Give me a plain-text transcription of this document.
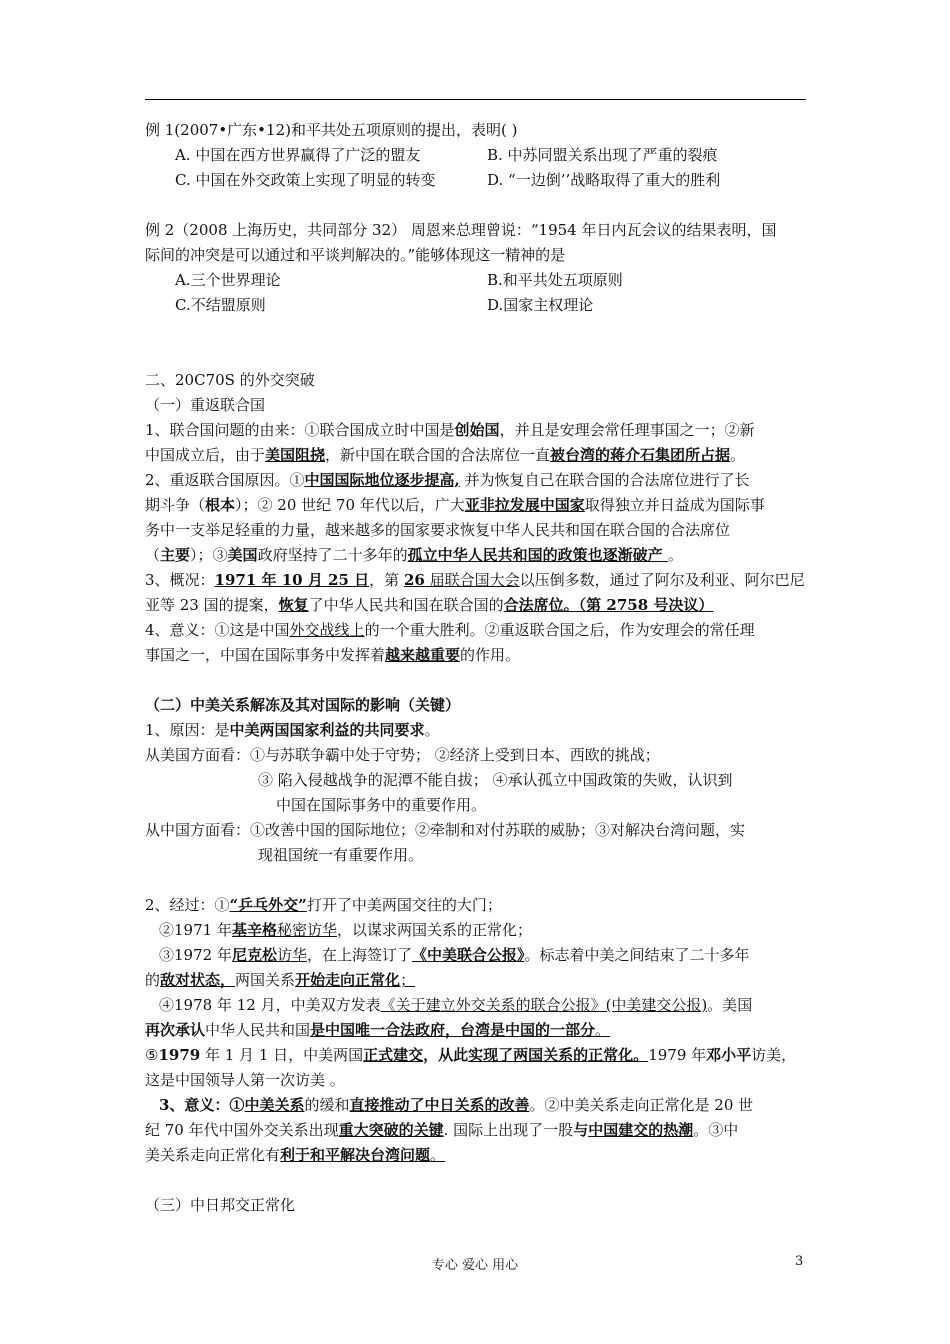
例 1(2007•广东•12)和平共处五项原则的提出，表明( )
A. 中国在西方世界赢得了广泛的盟友	B. 中苏同盟关系出现了严重的裂痕
C. 中国在外交政策上实现了明显的转变	D. “一边倒’’战略取得了重大的胜利
例 2（2008 上海历史，共同部分 32） 周恩来总理曾说：“1954 年日内瓦会议的结果表明，国
际间的冲突是可以通过和平谈判解决的。”能够体现这一精神的是
A.三个世界理论	B.和平共处五项原则
C.不结盟原则	D.国家主权理论
二、20C70S 的外交突破
（一）重返联合国
1、联合国问题的由来：①联合国成立时中国是创始国，并且是安理会常任理事国之一；②新
中国成立后，由于美国阻挠，新中国在联合国的合法席位一直被台湾的蒋介石集团所占据。
2、重返联合国原因。①中国国际地位逐步提高, 并为恢复自己在联合国的合法席位进行了长
期斗争（根本）；② 20 世纪 70 年代以后，广大亚非拉发展中国家取得独立并日益成为国际事
务中一支举足轻重的力量，越来越多的国家要求恢复中华人民共和国在联合国的合法席位
（主要）；③美国政府坚持了二十多年的孤立中华人民共和国的政策也逐渐破产 。
3、概况：1971 年 10 月 25 日，第 26 届联合国大会以压倒多数，通过了阿尔及利亚、阿尔巴尼
亚等 23 国的提案，恢复了中华人民共和国在联合国的合法席位。（第 2758 号决议）
4、意义：①这是中国外交战线上的一个重大胜利。②重返联合国之后，作为安理会的常任理
事国之一，中国在国际事务中发挥着越来越重要的作用。
（二）中美关系解冻及其对国际的影响（关键）
1、原因：是中美两国国家利益的共同要求。
从美国方面看：①与苏联争霸中处于守势； ②经济上受到日本、西欧的挑战；
③ 陷入侵越战争的泥潭不能自拔； ④承认孤立中国政策的失败，认识到
中国在国际事务中的重要作用。
从中国方面看：①改善中国的国际地位；②牵制和对付苏联的威胁；③对解决台湾问题，实
现祖国统一有重要作用。
2、经过：①“乒乓外交”打开了中美两国交往的大门；
②1971 年基辛格秘密访华，以谋求两国关系的正常化；
③1972 年尼克松访华，在上海签订了《中美联合公报》。标志着中美之间结束了二十多年
的敌对状态，两国关系开始走向正常化；
④1978 年 12 月，中美双方发表《关于建立外交关系的联合公报》(中美建交公报)。美国
再次承认中华人民共和国是中国唯一合法政府，台湾是中国的一部分。
⑤1979 年 1 月 1 日，中美两国正式建交，从此实现了两国关系的正常化。1979 年邓小平访美，
这是中国领导人第一次访美 。
3、意义：①中美关系的缓和直接推动了中日关系的改善。②中美关系走向正常化是 20 世
纪 70 年代中国外交关系出现重大突破的关键. 国际上出现了一股与中国建交的热潮。③中
美关系走向正常化有利于和平解决台湾问题。
（三）中日邦交正常化
专心 爱心 用心	3
